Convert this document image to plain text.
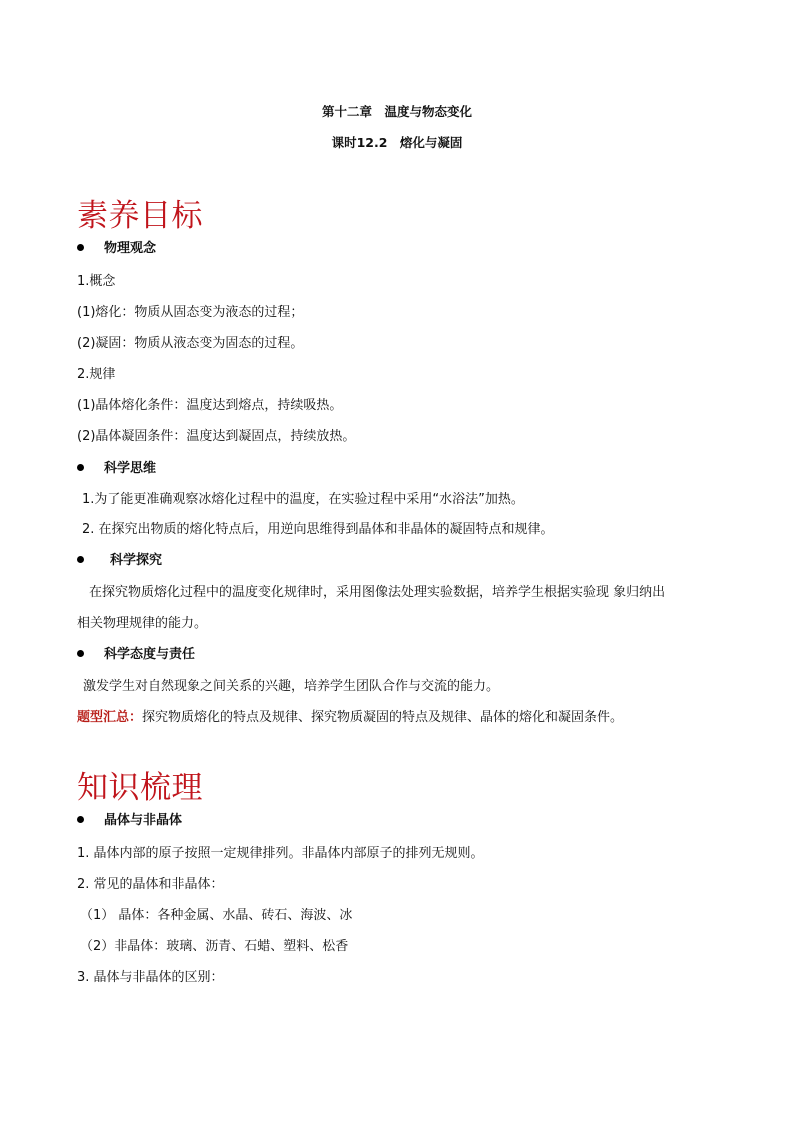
第十二章　温度与物态变化
课时12.2　熔化与凝固
素养目标
物理观念
1.概念
(1)熔化：物质从固态变为液态的过程；
(2)凝固：物质从液态变为固态的过程。
2.规律
(1)晶体熔化条件：温度达到熔点，持续吸热。
(2)晶体凝固条件：温度达到凝固点，持续放热。
科学思维
1.为了能更准确观察冰熔化过程中的温度，在实验过程中采用“水浴法”加热。
2. 在探究出物质的熔化特点后，用逆向思维得到晶体和非晶体的凝固特点和规律。
科学探究
在探究物质熔化过程中的温度变化规律时，采用图像法处理实验数据，培养学生根据实验现 象归纳出
相关物理规律的能力。
科学态度与责任
激发学生对自然现象之间关系的兴趣，培养学生团队合作与交流的能力。
题型汇总：探究物质熔化的特点及规律、探究物质凝固的特点及规律、晶体的熔化和凝固条件。
知识梳理
晶体与非晶体
1. 晶体内部的原子按照一定规律排列。非晶体内部原子的排列无规则。
2. 常见的晶体和非晶体：
（1） 晶体：各种金属、水晶、砖石、海波、冰
（2）非晶体：玻璃、沥青、石蜡、塑料、松香
3. 晶体与非晶体的区别：
